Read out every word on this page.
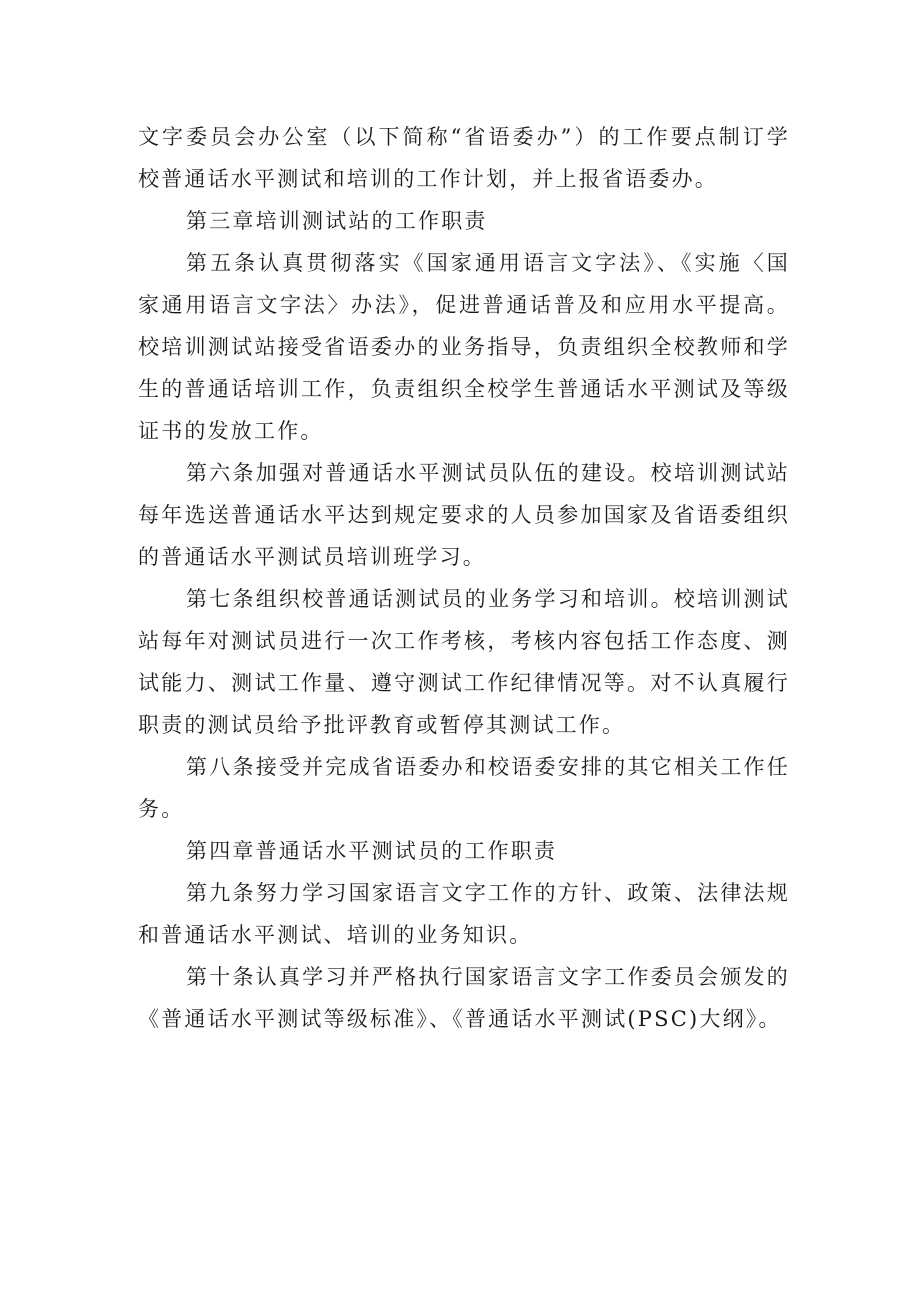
文字委员会办公室（以下简称“省语委办”）的工作要点制订学校普通话水平测试和培训的工作计划，并上报省语委办。

第三章培训测试站的工作职责

第五条认真贯彻落实《国家通用语言文字法》、《实施〈国家通用语言文字法〉办法》，促进普通话普及和应用水平提高。校培训测试站接受省语委办的业务指导，负责组织全校教师和学生的普通话培训工作，负责组织全校学生普通话水平测试及等级证书的发放工作。

第六条加强对普通话水平测试员队伍的建设。校培训测试站每年选送普通话水平达到规定要求的人员参加国家及省语委组织的普通话水平测试员培训班学习。

第七条组织校普通话测试员的业务学习和培训。校培训测试站每年对测试员进行一次工作考核，考核内容包括工作态度、测试能力、测试工作量、遵守测试工作纪律情况等。对不认真履行职责的测试员给予批评教育或暂停其测试工作。

第八条接受并完成省语委办和校语委安排的其它相关工作任务。

第四章普通话水平测试员的工作职责

第九条努力学习国家语言文字工作的方针、政策、法律法规和普通话水平测试、培训的业务知识。

第十条认真学习并严格执行国家语言文字工作委员会颁发的《普通话水平测试等级标准》、《普通话水平测试(PSC)大纲》。
